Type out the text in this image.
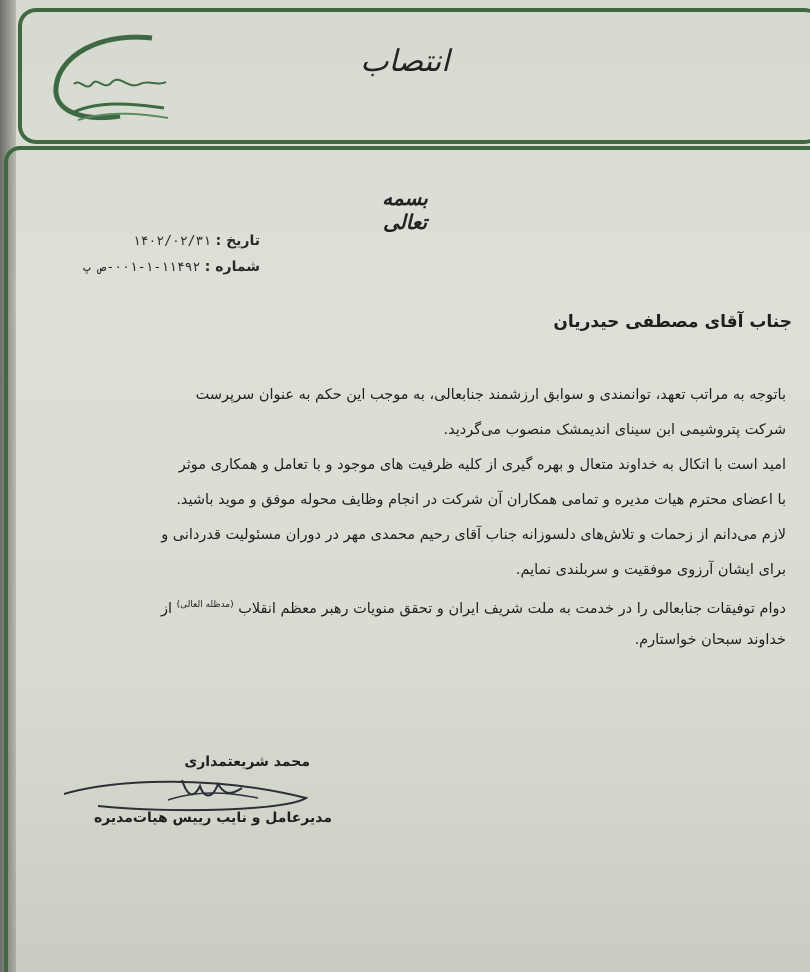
انتصاب
بسمه تعالی
تاریخ : ۱۴۰۲/۰۲/۳۱
شماره : ۱۱۴۹۲-۱-۰۰۱-ص پ
جناب آقای مصطفی حیدریان

باتوجه به مراتب تعهد، توانمندی و سوابق ارزشمند جنابعالی، به موجب این حکم به عنوان سرپرست
شرکت پتروشیمی ابن سینای اندیمشک منصوب می‌گردید.

امید است با اتکال به خداوند متعال و بهره گیری از کلیه ظرفیت های موجود و با تعامل و همکاری موثر
با اعضای محترم هیات مدیره و تمامی همکاران آن شرکت در انجام وظایف محوله موفق و موید باشید.

لازم می‌دانم از زحمات و تلاش‌های دلسوزانه جناب آقای رحیم محمدی مهر در دوران مسئولیت قدردانی و
برای ایشان آرزوی موفقیت و سربلندی نمایم.

دوام توفیقات جنابعالی را در خدمت به ملت شریف ایران و تحقق منویات رهبر معظم انقلاب $^{(مدظله العالی)}$ از
خداوند سبحان خواستارم.

محمد شریعتمداری
مدیرعامل و نایب رییس هیات‌مدیره
